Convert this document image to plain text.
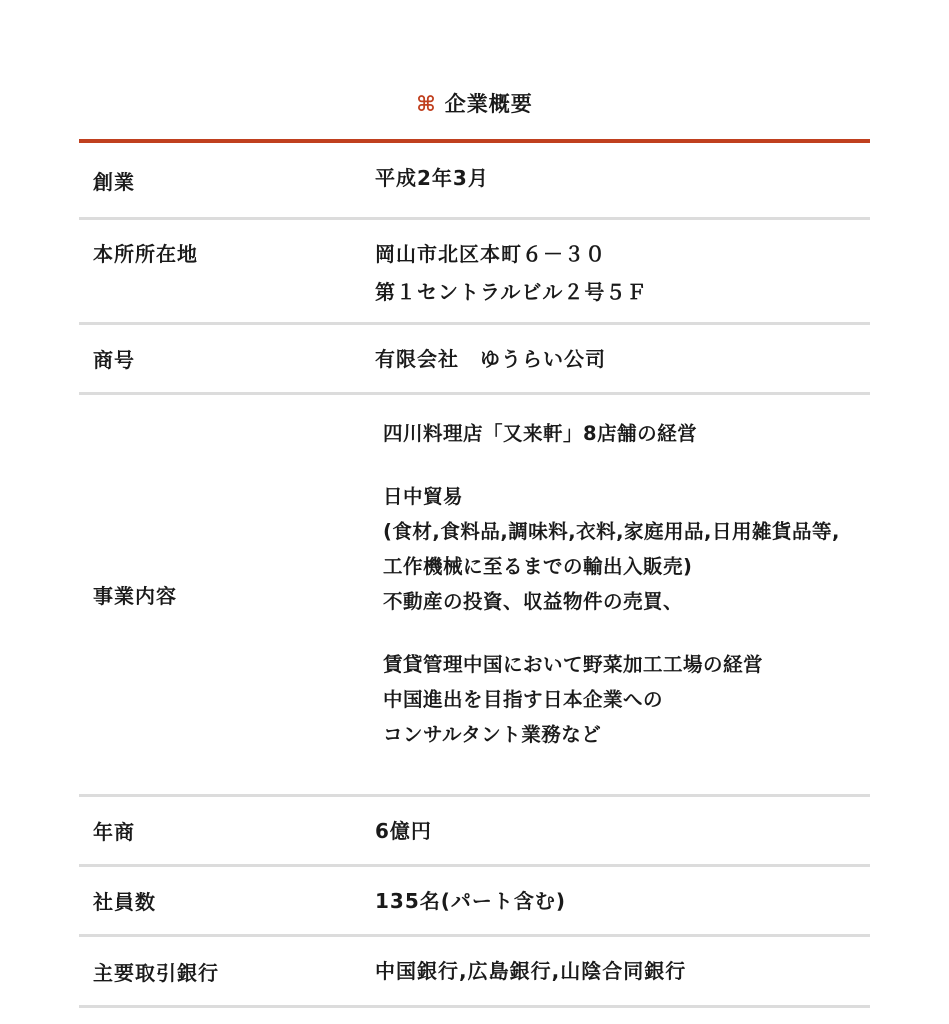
⌘ 企業概要
創業	平成2年3月
本所所在地	岡山市北区本町６－３０
第１セントラルビル２号５Ｆ
商号	有限会社　ゆうらい公司
事業内容

四川料理店「又来軒」8店舗の経営

日中貿易

(食材,食料品,調味料,衣料,家庭用品,日用雑貨品等,

工作機械に至るまでの輸出入販売)

不動産の投資、収益物件の売買、

賃貸管理中国において野菜加工工場の経営

中国進出を目指す日本企業への

コンサルタント業務など

年商	6億円
社員数	135名(パート含む)
主要取引銀行	中国銀行,広島銀行,山陰合同銀行
